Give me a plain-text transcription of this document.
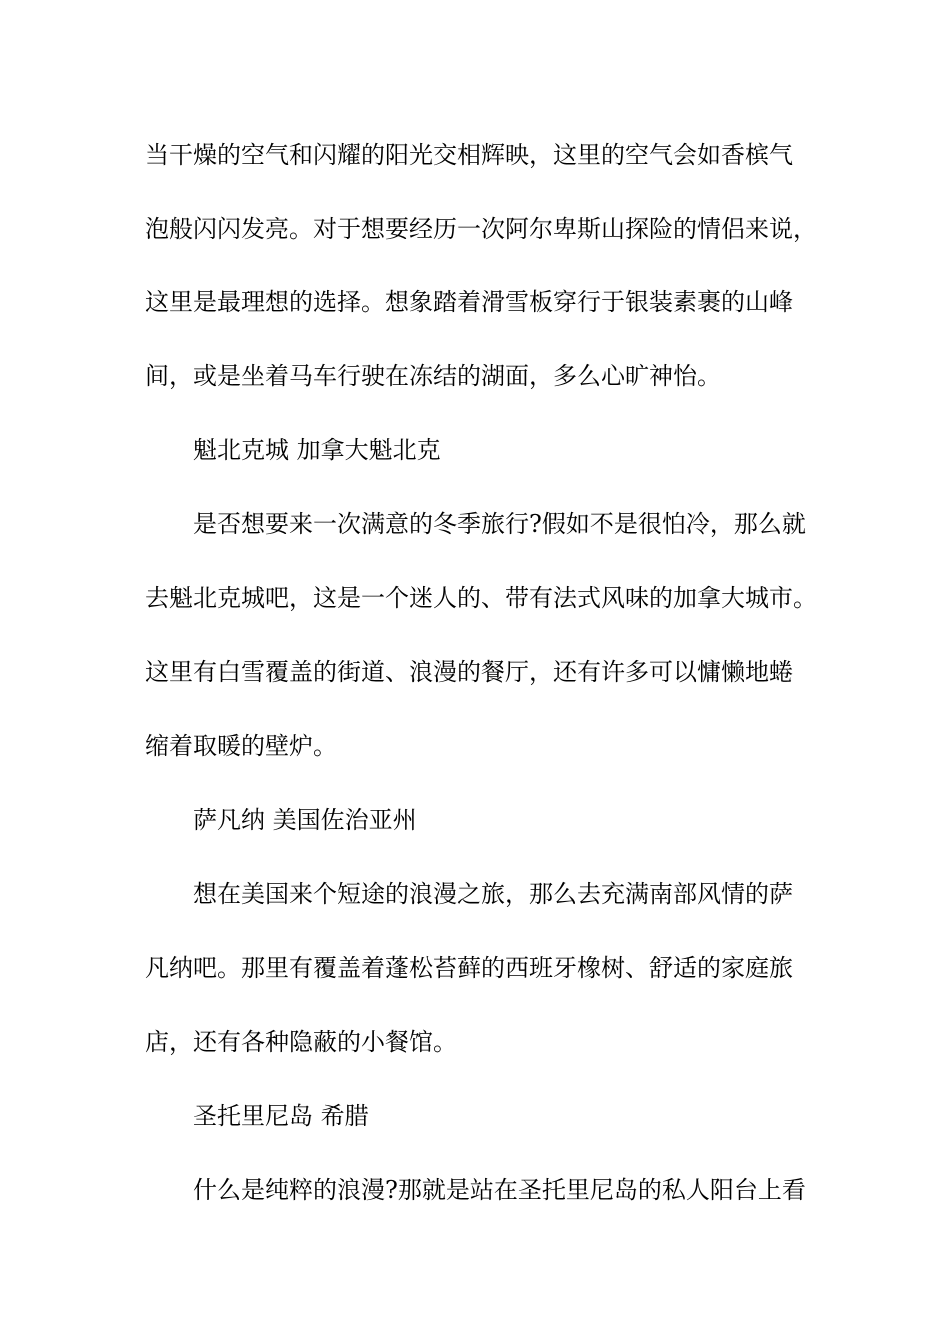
当干燥的空气和闪耀的阳光交相辉映，这里的空气会如香槟气
泡般闪闪发亮。对于想要经历一次阿尔卑斯山探险的情侣来说，
这里是最理想的选择。想象踏着滑雪板穿行于银装素裹的山峰
间，或是坐着马车行驶在冻结的湖面，多么心旷神怡。
魁北克城 加拿大魁北克
是否想要来一次满意的冬季旅行?假如不是很怕冷，那么就
去魁北克城吧，这是一个迷人的、带有法式风味的加拿大城市。
这里有白雪覆盖的街道、浪漫的餐厅，还有许多可以慵懒地蜷
缩着取暖的壁炉。
萨凡纳 美国佐治亚州
想在美国来个短途的浪漫之旅，那么去充满南部风情的萨
凡纳吧。那里有覆盖着蓬松苔藓的西班牙橡树、舒适的家庭旅
店，还有各种隐蔽的小餐馆。
圣托里尼岛 希腊
什么是纯粹的浪漫?那就是站在圣托里尼岛的私人阳台上看
